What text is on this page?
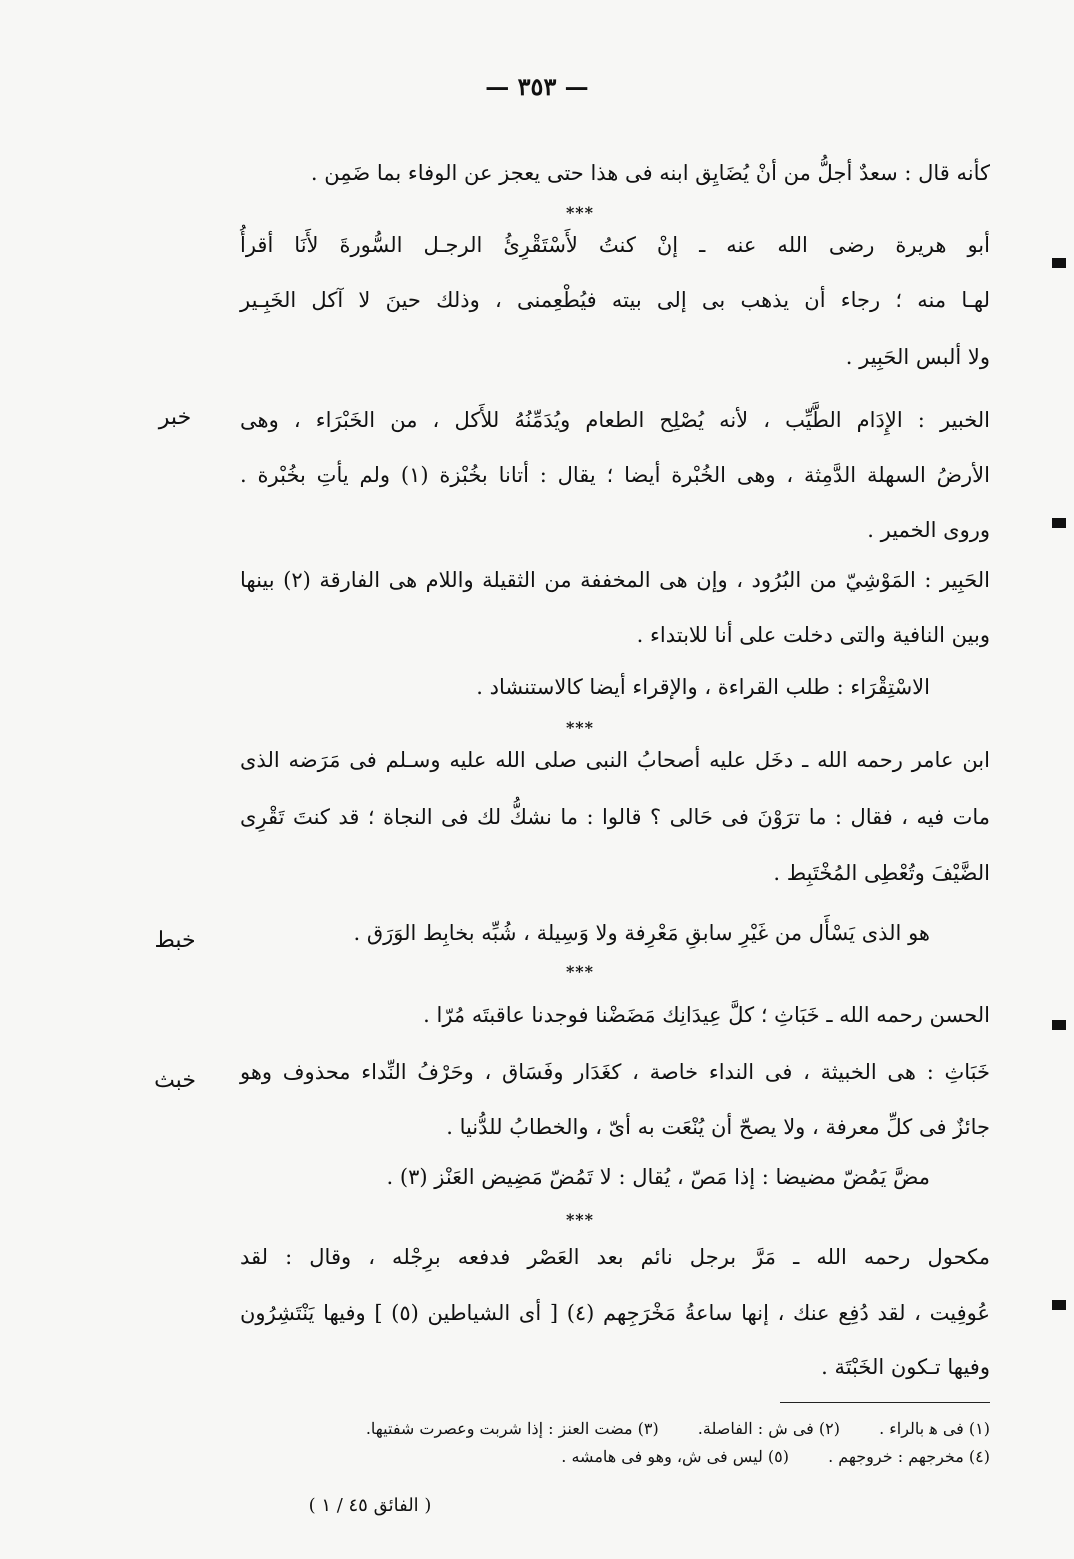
— ٣٥٣ —
كأنه قال : سعدٌ أجلُّ من أنْ يُضَايِق ابنه فى هذا حتى يعجز عن الوفاء بما ضَمِن .
***
أبو هريرة رضى الله عنه ـ إنْ كنتُ لأَسْتَقْرِئُ الرجـل السُّورةَ لأَنَا أقرأُ
لهـا منه ؛ رجاء أن يذهب بى إلى بيته فيُطْعِمنى ، وذلك حينَ لا آكل الخَبِـير
ولا ألبس الحَبِير .
الخبير : الإِدَام الطَّيِّب ، لأنه يُصْلِح الطعام ويُدَمِّنُهُ للأَكل ، من الخَبْرَاء ، وهى
الأرضُ السهلة الدَّمِثة ، وهى الخُبْرة أيضا ؛ يقال : أتانا بخُبْزة (١) ولم يأتِ بخُبْرة .
وروى الخمير .
الحَبِير : المَوْشِيّ من البُرُود ، وإن هى المخففة من الثقيلة واللام هى الفارقة (٢) بينها
وبين النافية والتى دخلت على أنا للابتداء .
الاسْتِقْرَاء : طلب القراءة ، والإقراء أيضا كالاستنشاد .
***
ابن عامر رحمه الله ـ دخَل عليه أصحابُ النبى صلى الله عليه وسـلم فى مَرَضه الذى
مات فيه ، فقال : ما ترَوْنَ فى حَالى ؟ قالوا : ما نشكُّ لك فى النجاة ؛ قد كنتَ تَقْرِى
الضَّيْفَ وتُعْطِى المُخْتَبِط .
هو الذى يَسْأَل من غَيْرِ سابقِ مَعْرِفة ولا وَسِيلة ، شُبِّه بخابِط الوَرَق .
***
الحسن رحمه الله ـ خَبَاثِ ؛ كلَّ عِيدَانِك مَضَضْنا فوجدنا عاقبتَه مُرّا .
خَبَاثِ : هى الخبيثة ، فى النداء خاصة ، كغَدَار وفَسَاق ، وحَرْفُ النِّداء محذوف وهو
جائزٌ فى كلِّ معرفة ، ولا يصحّ أن يُنْعَت به أىّ ، والخطابُ للدُّنيا .
مضَّ يَمُضّ مضيضا : إذا مَصّ ، يُقال : لا تَمُضّ مَضِيض العَنْز (٣) .
***
مكحول رحمه الله ـ مَرَّ برجل نائم بعد العَصْر فدفعه برِجْله ، وقال : لقد
عُوفِيت ، لقد دُفِع عنك ، إنها ساعةُ مَخْرَجِهم (٤) [ أى الشياطين (٥) ] وفيها يَنْتَشِرُون
وفيها تـكون الخَبْتَة .
خبر
خبط
خبث
(١) فى ﻫ بالراء . (٢) فى ش : الفاصلة. (٣) مضت العنز : إذا شربت وعصرت شفتيها.
(٤) مخرجهم : خروجهم . (٥) ليس فى ش، وهو فى هامشه .
( الفائق ٤٥ / ١ )
